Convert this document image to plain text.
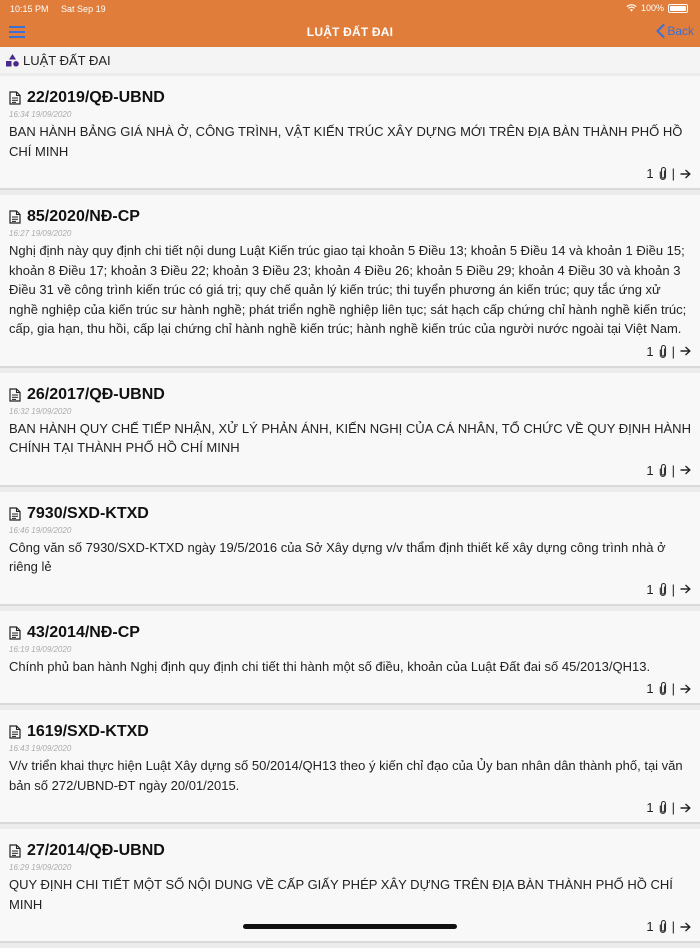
10:15 PM Sat Sep 19	100%
LUẬT ĐẤT ĐAI	Back
LUẬT ĐẤT ĐAI
22/2019/QĐ-UBND
16:34 19/09/2020
BAN HÀNH BẢNG GIÁ NHÀ Ở, CÔNG TRÌNH, VẬT KIẾN TRÚC XÂY DỰNG MỚI TRÊN ĐỊA BÀN THÀNH PHỐ HỒ CHÍ MINH
1 |
85/2020/NĐ-CP
16:27 19/09/2020
Nghị định này quy định chi tiết nội dung Luật Kiến trúc giao tại khoản 5 Điều 13; khoản 5 Điều 14 và khoản 1 Điều 15; khoản 8 Điều 17; khoản 3 Điều 22; khoản 3 Điều 23; khoản 4 Điều 26; khoản 5 Điều 29; khoản 4 Điều 30 và khoản 3 Điều 31 về công trình kiến trúc có giá trị; quy chế quản lý kiến trúc; thi tuyển phương án kiến trúc; quy tắc ứng xử nghề nghiệp của kiến trúc sư hành nghề; phát triển nghề nghiệp liên tục; sát hạch cấp chứng chỉ hành nghề kiến trúc; cấp, gia hạn, thu hồi, cấp lại chứng chỉ hành nghề kiến trúc; hành nghề kiến trúc của người nước ngoài tại Việt Nam.
1 |
26/2017/QĐ-UBND
16:32 19/09/2020
BAN HÀNH QUY CHẾ TIẾP NHẬN, XỬ LÝ PHẢN ÁNH, KIẾN NGHỊ CỦA CÁ NHÂN, TỔ CHỨC VỀ QUY ĐỊNH HÀNH CHÍNH TẠI THÀNH PHỐ HỒ CHÍ MINH
1 |
7930/SXD-KTXD
16:46 19/09/2020
Công văn số 7930/SXD-KTXD ngày 19/5/2016 của Sở Xây dựng v/v thẩm định thiết kế xây dựng công trình nhà ở riêng lẻ
1 |
43/2014/NĐ-CP
16:19 19/09/2020
Chính phủ ban hành Nghị định quy định chi tiết thi hành một số điều, khoản của Luật Đất đai số 45/2013/QH13.
1 |
1619/SXD-KTXD
16:43 19/09/2020
V/v triển khai thực hiện Luật Xây dựng số 50/2014/QH13 theo ý kiến chỉ đạo của Ủy ban nhân dân thành phố, tại văn bản số 272/UBND-ĐT ngày 20/01/2015.
1 |
27/2014/QĐ-UBND
16:29 19/09/2020
QUY ĐỊNH CHI TIẾT MỘT SỐ NỘI DUNG VỀ CẤP GIẤY PHÉP XÂY DỰNG TRÊN ĐỊA BÀN THÀNH PHỐ HỒ CHÍ MINH
1 |
